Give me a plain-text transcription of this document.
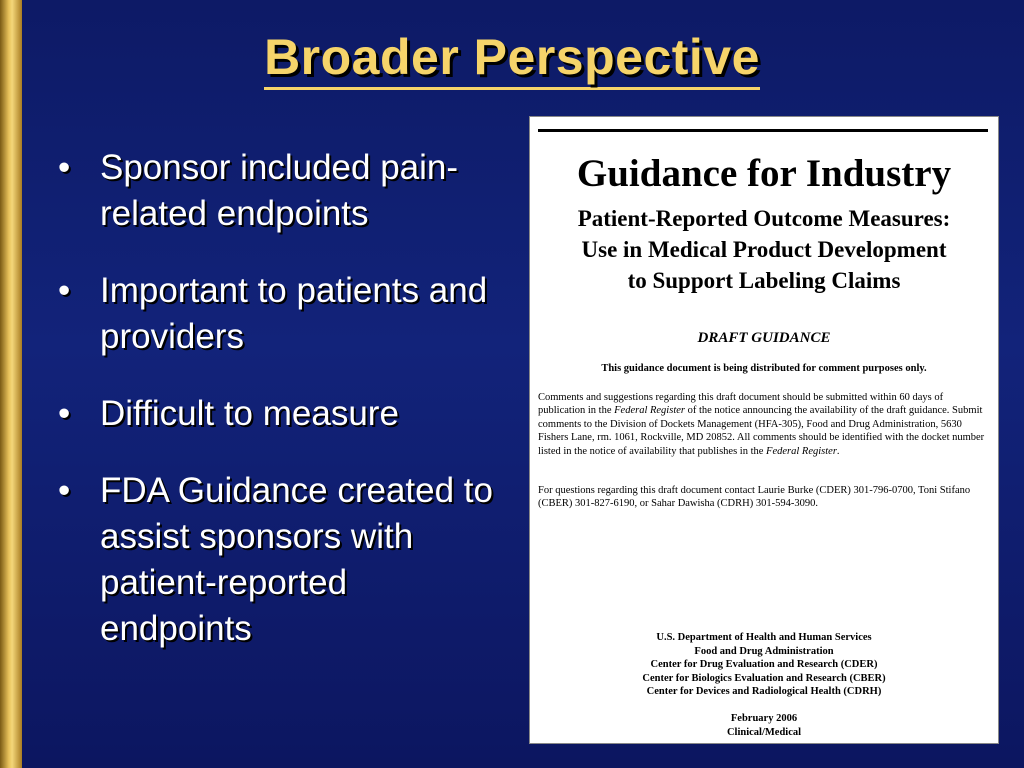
Broader Perspective
• Sponsor included pain-related endpoints
• Important to patients and providers
• Difficult to measure
• FDA Guidance created to assist sponsors with patient-reported endpoints
Guidance for Industry
Patient-Reported Outcome Measures:
Use in Medical Product Development
to Support Labeling Claims
DRAFT GUIDANCE
This guidance document is being distributed for comment purposes only.
Comments and suggestions regarding this draft document should be submitted within 60 days of publication in the Federal Register of the notice announcing the availability of the draft guidance. Submit comments to the Division of Dockets Management (HFA-305), Food and Drug Administration, 5630 Fishers Lane, rm. 1061, Rockville, MD 20852. All comments should be identified with the docket number listed in the notice of availability that publishes in the Federal Register.
For questions regarding this draft document contact Laurie Burke (CDER) 301-796-0700, Toni Stifano (CBER) 301-827-6190, or Sahar Dawisha (CDRH) 301-594-3090.
U.S. Department of Health and Human Services
Food and Drug Administration
Center for Drug Evaluation and Research (CDER)
Center for Biologics Evaluation and Research (CBER)
Center for Devices and Radiological Health (CDRH)
February 2006
Clinical/Medical
